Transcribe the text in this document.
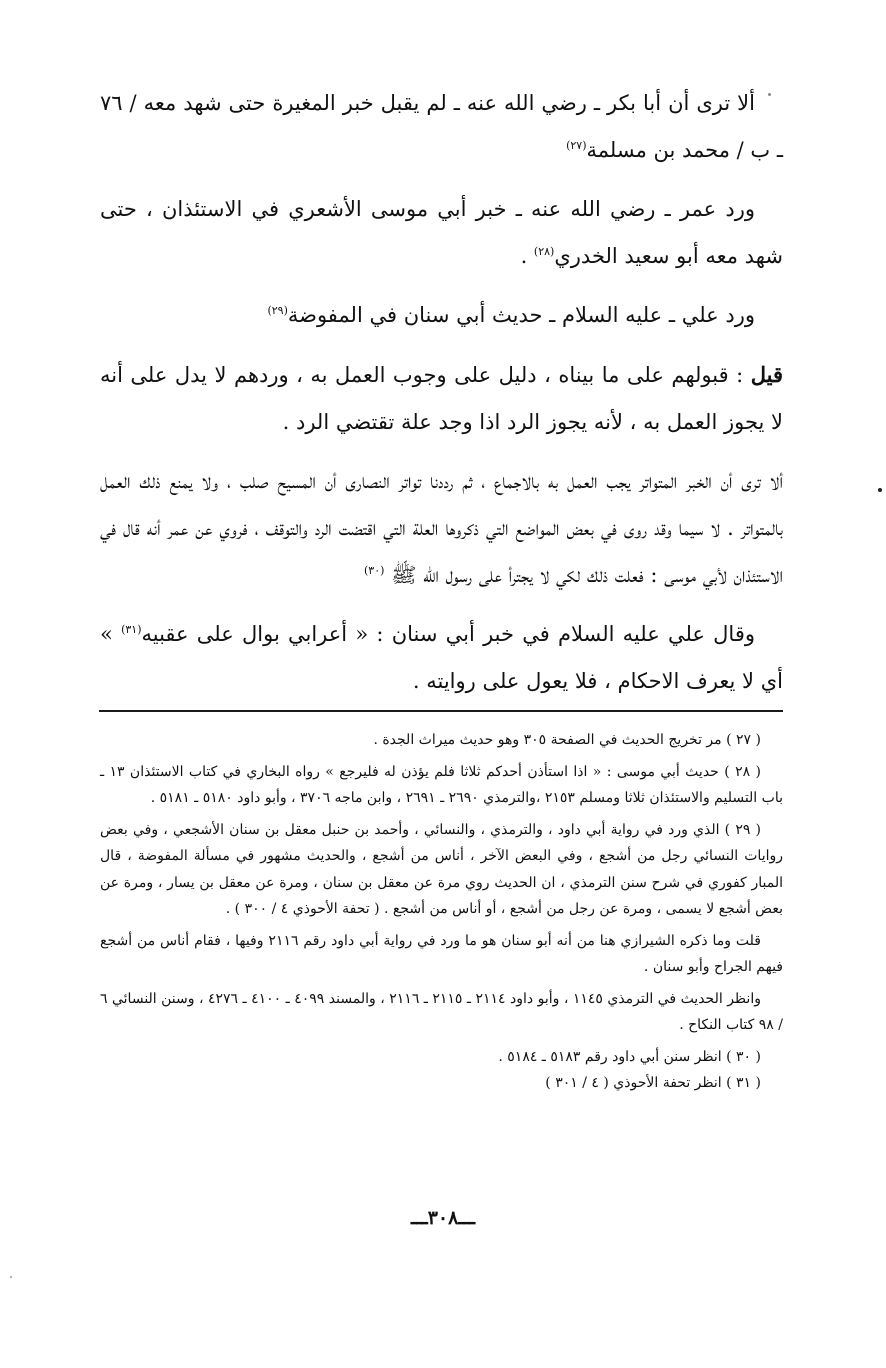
ألا ترى أن أبا بكر ـ رضي الله عنه ـ لم يقبل خبر المغيرة حتى شهد معه / ٧٦ ـ ب / محمد بن مسلمة$^{(٢٧)}$

ورد عمر ـ رضي الله عنه ـ خبر أبي موسى الأشعري في الاستئذان ، حتى شهد معه أبو سعيد الخدري$^{(٢٨)}$ .

ورد علي ـ عليه السلام ـ حديث أبي سنان في المفوضة$^{(٢٩)}$

قيل : قبولهم على ما بيناه ، دليل على وجوب العمل به ، وردهم لا يدل على أنه لا يجوز العمل به ، لأنه يجوز الرد اذا وجد علة تقتضي الرد .

ألا ترى أن الخبر المتواتر يجب العمل به بالاجماع ، ثم رددنا تواتر النصارى أن المسيح صلب ، ولا يمنع ذلك العمل بالمتواتر . لا سيما وقد روى في بعض المواضع التي ذكروها العلة التي اقتضت الرد والتوقف ، فروي عن عمر أنه قال في الاستئذان لأبي موسى : فعلت ذلك لكي لا يجترأ على رسول الله ﷺ $^{(٣٠)}$

وقال علي عليه السلام في خبر أبي سنان : « أعرابي بوال على عقبيه$^{(٣١)}$ » أي لا يعرف الاحكام ، فلا يعول على روايته .

( ٢٧ ) مر تخريج الحديث في الصفحة ٣٠٥ وهو حديث ميراث الجدة .

( ٢٨ ) حديث أبي موسى : « اذا استأذن أحدكم ثلاثا فلم يؤذن له فليرجع » رواه البخاري في كتاب الاستئذان ١٣ ـ باب التسليم والاستئذان ثلاثا ومسلم ٢١٥٣ ،والترمذي ٢٦٩٠ ـ ٢٦٩١ ، وابن ماجه ٣٧٠٦ ، وأبو داود ٥١٨٠ ـ ٥١٨١ .

( ٢٩ ) الذي ورد في رواية أبي داود ، والترمذي ، والنسائي ، وأحمد بن حنبل معقل بن سنان الأشجعي ، وفي بعض روايات النسائي رجل من أشجع ، وفي البعض الآخر ، أناس من أشجع ، والحديث مشهور في مسألة المفوضة ، قال المبار كفوري في شرح سنن الترمذي ، ان الحديث روي مرة عن معقل بن سنان ، ومرة عن معقل بن يسار ، ومرة عن بعض أشجع لا يسمى ، ومرة عن رجل من أشجع ، أو أناس من أشجع . ( تحفة الأحوذي ٤ / ٣٠٠ ) .

قلت وما ذكره الشيرازي هنا من أنه أبو سنان هو ما ورد في رواية أبي داود رقم ٢١١٦ وفيها ، فقام أناس من أشجع فيهم الجراح وأبو سنان .

وانظر الحديث في الترمذي ١١٤٥ ، وأبو داود ٢١١٤ ـ ٢١١٥ ـ ٢١١٦ ، والمسند ٤٠٩٩ ـ ٤١٠٠ ـ ٤٢٧٦ ، وسنن النسائي ٦ / ٩٨ كتاب النكاح .

( ٣٠ ) انظر سنن أبي داود رقم ٥١٨٣ ـ ٥١٨٤ .

( ٣١ ) انظر تحفة الأحوذي ( ٤ / ٣٠١ )

ـــ٣٠٨ـــ
